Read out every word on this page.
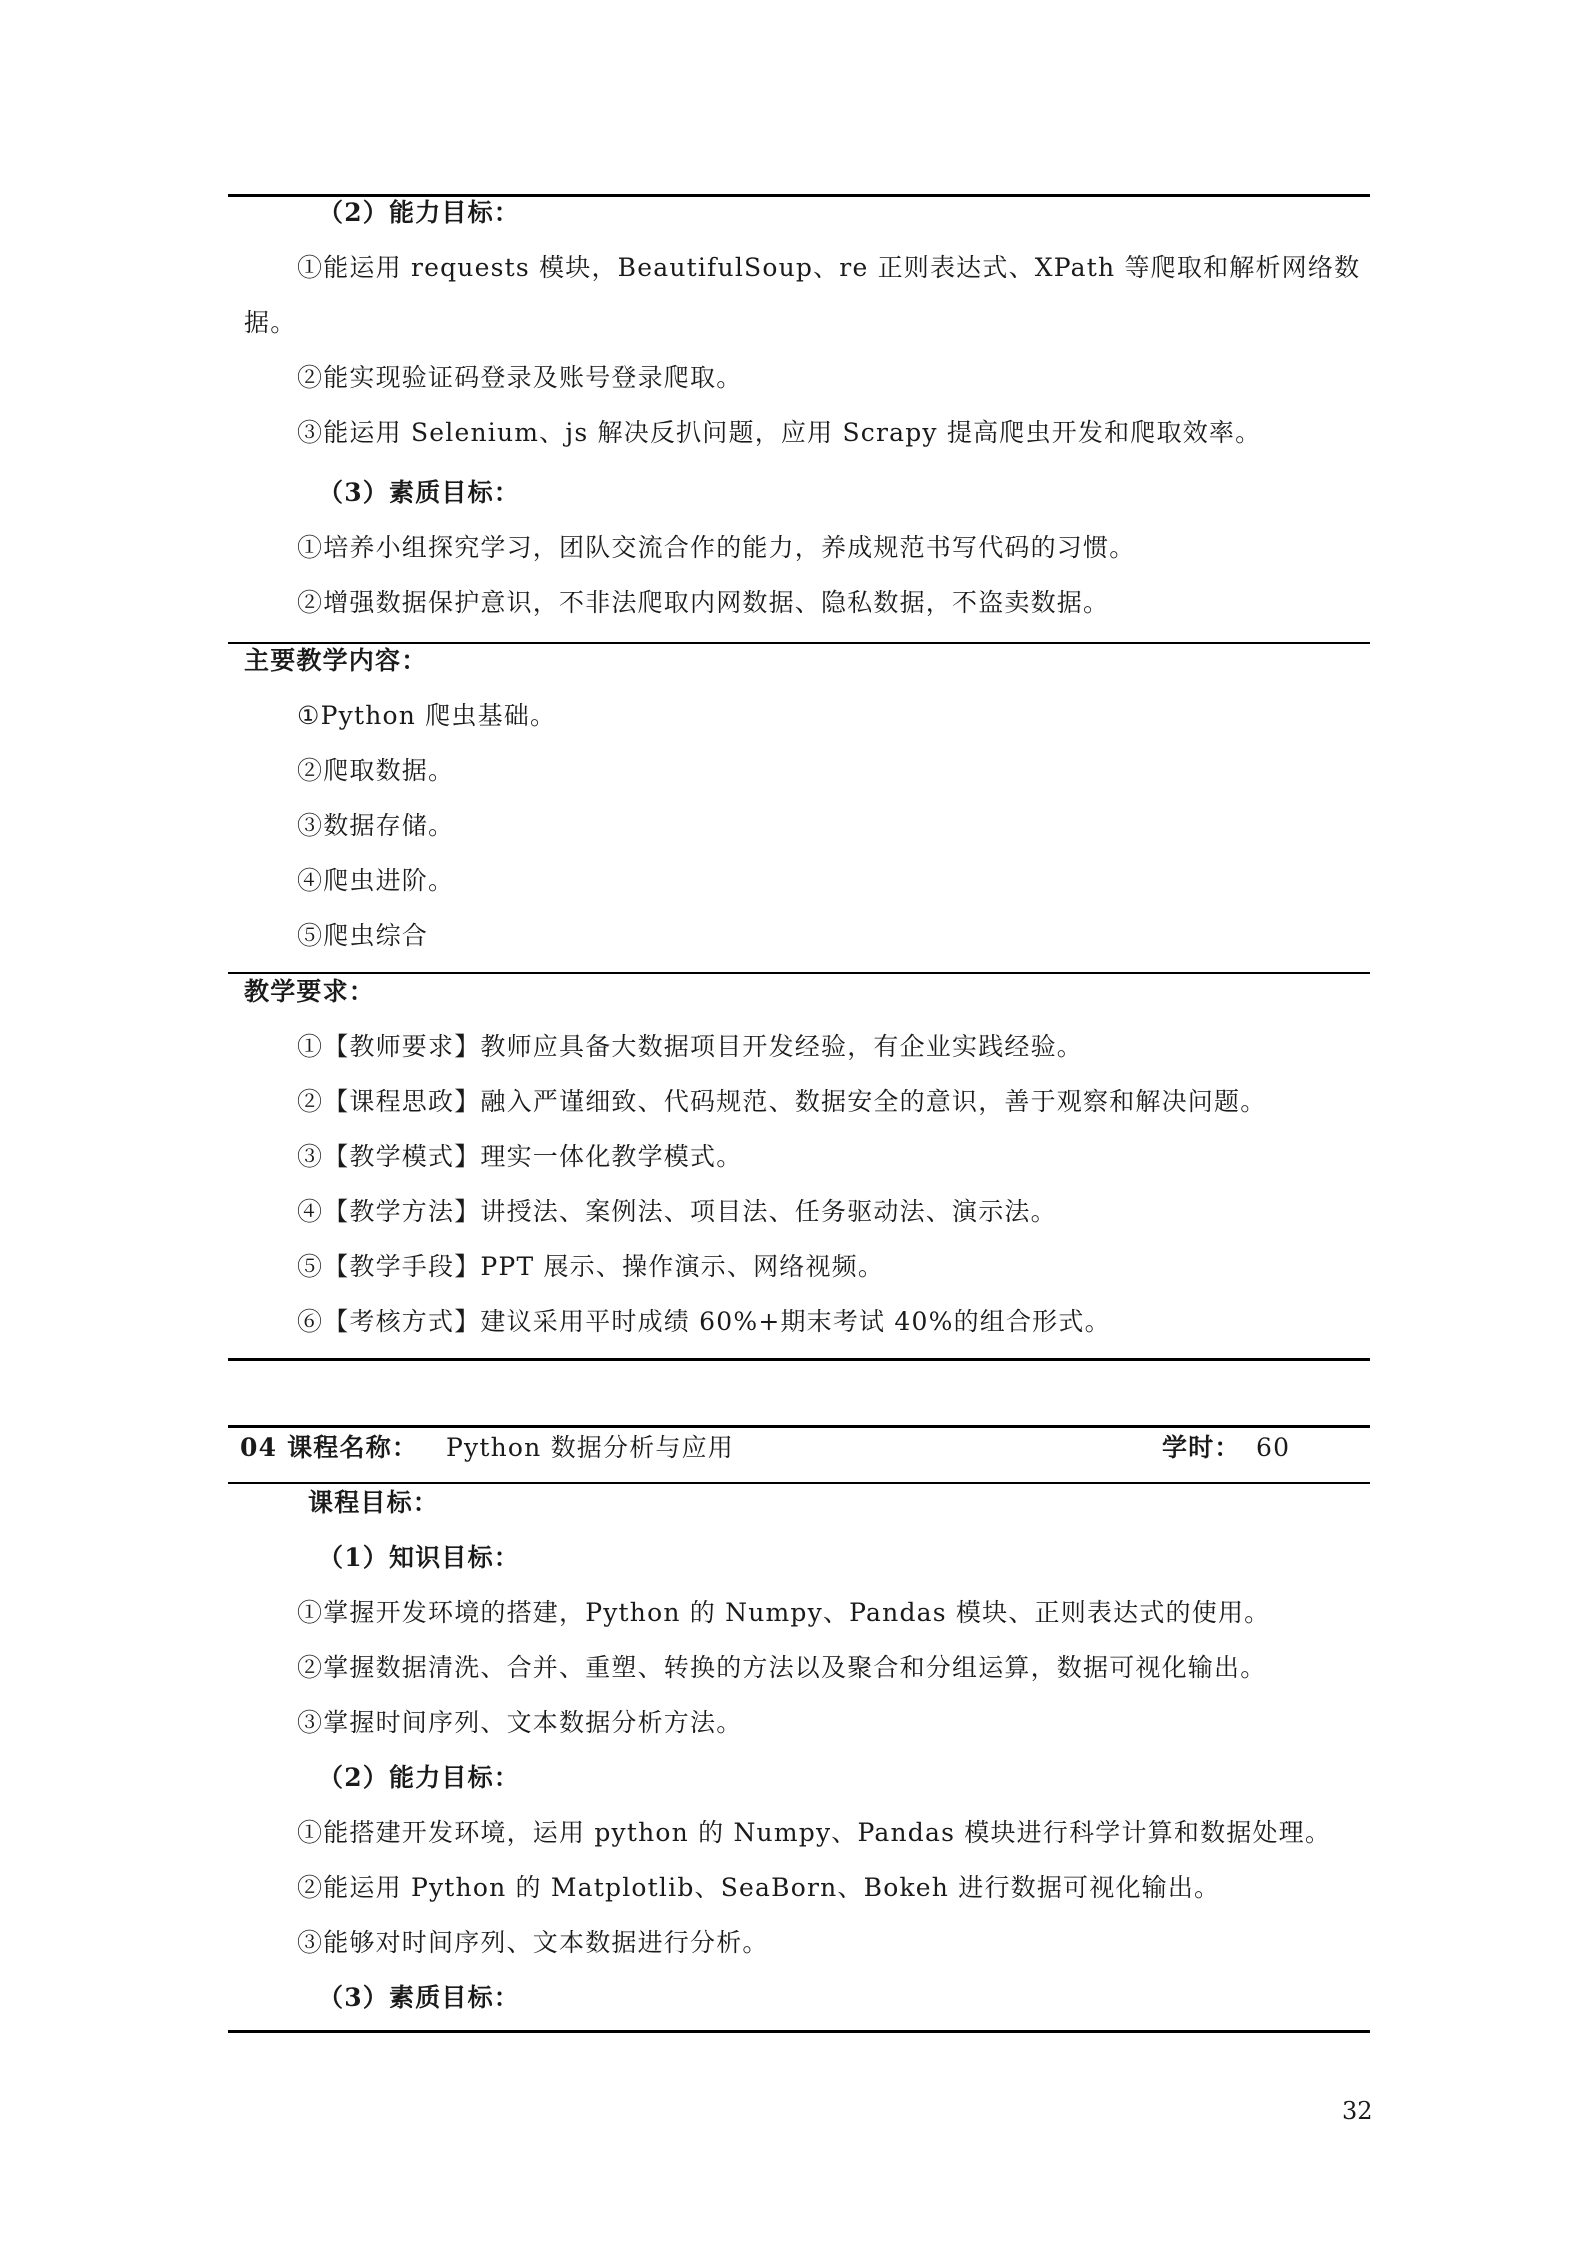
（2）能力目标：
①能运用 requests 模块，BeautifulSoup、re 正则表达式、XPath 等爬取和解析网络数
据。
②能实现验证码登录及账号登录爬取。
③能运用 Selenium、js 解决反扒问题，应用 Scrapy 提高爬虫开发和爬取效率。
（3）素质目标：
①培养小组探究学习，团队交流合作的能力，养成规范书写代码的习惯。
②增强数据保护意识，不非法爬取内网数据、隐私数据，不盗卖数据。
主要教学内容：
①Python 爬虫基础。
②爬取数据。
③数据存储。
④爬虫进阶。
⑤爬虫综合
教学要求：
①【教师要求】教师应具备大数据项目开发经验，有企业实践经验。
②【课程思政】融入严谨细致、代码规范、数据安全的意识，善于观察和解决问题。
③【教学模式】理实一体化教学模式。
④【教学方法】讲授法、案例法、项目法、任务驱动法、演示法。
⑤【教学手段】PPT 展示、操作演示、网络视频。
⑥【考核方式】建议采用平时成绩 60%+期末考试 40%的组合形式。
04 课程名称： Python 数据分析与应用	学时： 60
课程目标：
（1）知识目标：
①掌握开发环境的搭建，Python 的 Numpy、Pandas 模块、正则表达式的使用。
②掌握数据清洗、合并、重塑、转换的方法以及聚合和分组运算，数据可视化输出。
③掌握时间序列、文本数据分析方法。
（2）能力目标：
①能搭建开发环境，运用 python 的 Numpy、Pandas 模块进行科学计算和数据处理。
②能运用 Python 的 Matplotlib、SeaBorn、Bokeh 进行数据可视化输出。
③能够对时间序列、文本数据进行分析。
（3）素质目标：
32
